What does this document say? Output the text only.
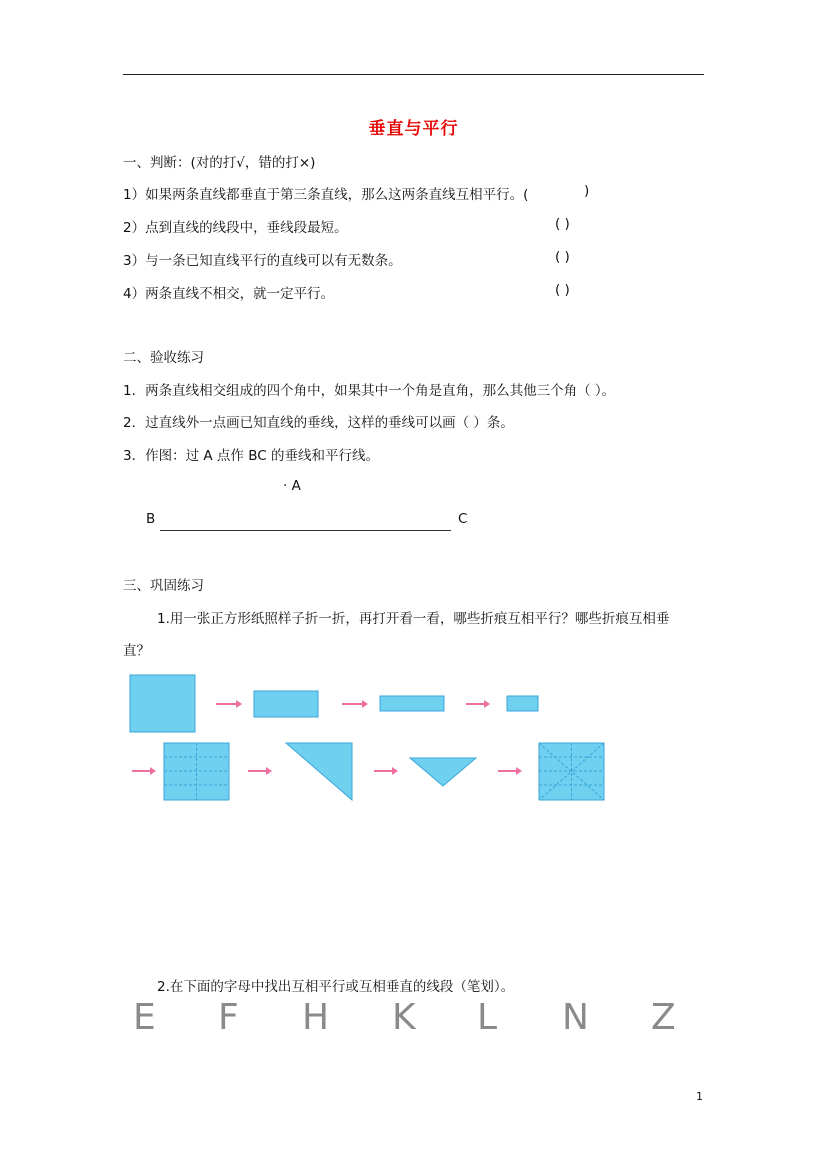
垂直与平行
一、判断：(对的打√，错的打×)
1）如果两条直线都垂直于第三条直线，那么这两条直线互相平行。(	)
2）点到直线的线段中，垂线段最短。	( )
3）与一条已知直线平行的直线可以有无数条。	( )
4）两条直线不相交，就一定平行。	( )
二、验收练习
1．两条直线相交组成的四个角中，如果其中一个角是直角，那么其他三个角（ ）。
2．过直线外一点画已知直线的垂线，这样的垂线可以画（ ）条。
3．作图：过 A 点作 BC 的垂线和平行线。
· A
B	C
三、巩固练习
1.用一张正方形纸照样子折一折，再打开看一看，哪些折痕互相平行？哪些折痕互相垂
直？
2.在下面的字母中找出互相平行或互相垂直的线段（笔划）。
E F H K L N Z
1
